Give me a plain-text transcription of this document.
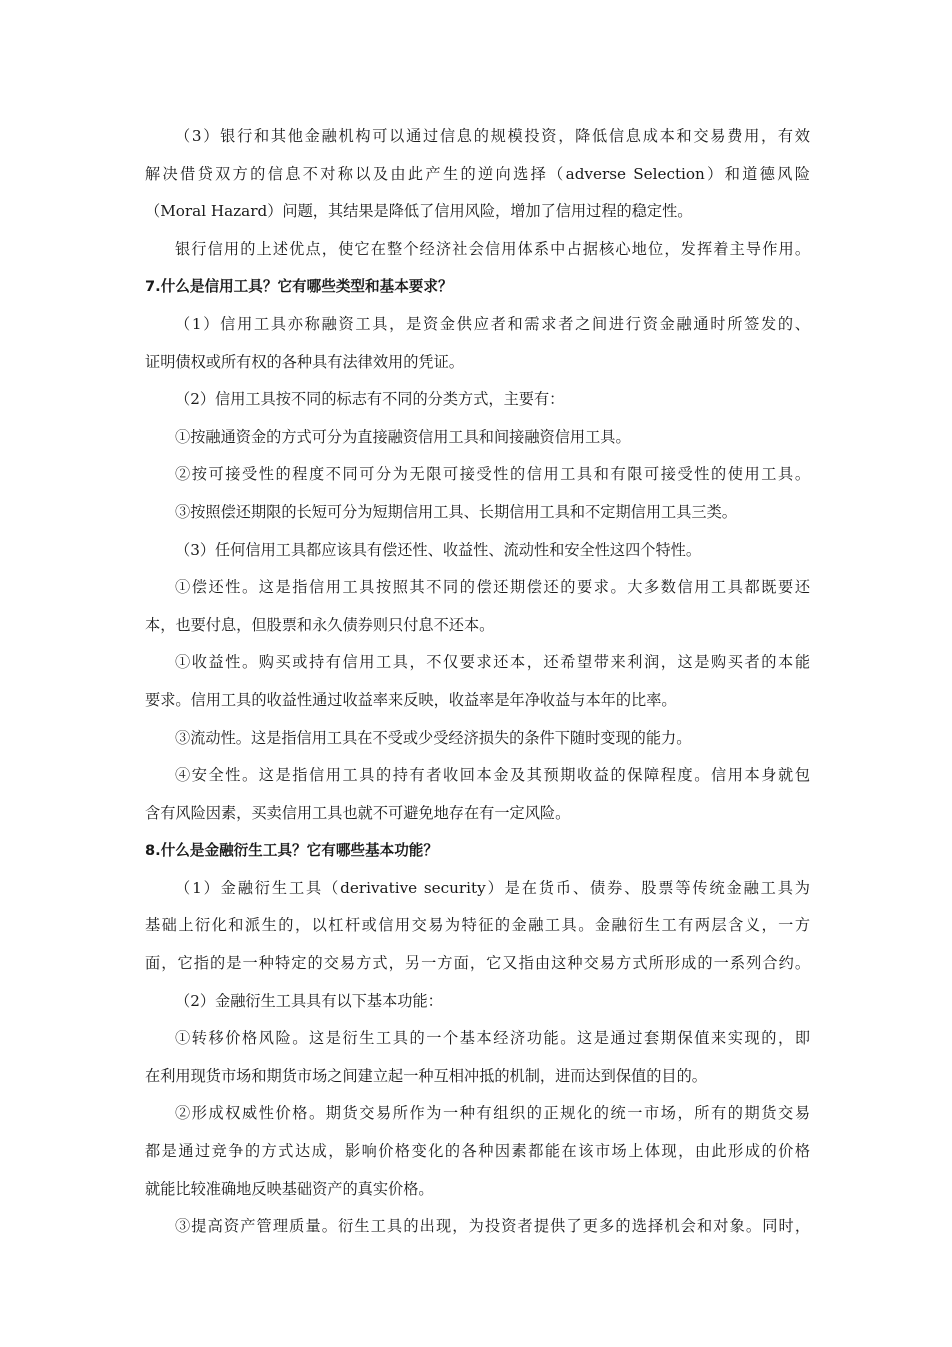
（3）银行和其他金融机构可以通过信息的规模投资，降低信息成本和交易费用，有效
解决借贷双方的信息不对称以及由此产生的逆向选择（adverse Selection）和道德风险
（Moral Hazard）问题，其结果是降低了信用风险，增加了信用过程的稳定性。
银行信用的上述优点，使它在整个经济社会信用体系中占据核心地位，发挥着主导作用。
7.什么是信用工具？它有哪些类型和基本要求？
（1）信用工具亦称融资工具，是资金供应者和需求者之间进行资金融通时所签发的、
证明债权或所有权的各种具有法律效用的凭证。
（2）信用工具按不同的标志有不同的分类方式，主要有：
①按融通资金的方式可分为直接融资信用工具和间接融资信用工具。
②按可接受性的程度不同可分为无限可接受性的信用工具和有限可接受性的使用工具。
③按照偿还期限的长短可分为短期信用工具、长期信用工具和不定期信用工具三类。
（3）任何信用工具都应该具有偿还性、收益性、流动性和安全性这四个特性。
①偿还性。这是指信用工具按照其不同的偿还期偿还的要求。大多数信用工具都既要还
本，也要付息，但股票和永久债券则只付息不还本。
①收益性。购买或持有信用工具，不仅要求还本，还希望带来利润，这是购买者的本能
要求。信用工具的收益性通过收益率来反映，收益率是年净收益与本年的比率。
③流动性。这是指信用工具在不受或少受经济损失的条件下随时变现的能力。
④安全性。这是指信用工具的持有者收回本金及其预期收益的保障程度。信用本身就包
含有风险因素，买卖信用工具也就不可避免地存在有一定风险。
8.什么是金融衍生工具？它有哪些基本功能？
（1）金融衍生工具（derivative security）是在货币、债券、股票等传统金融工具为
基础上衍化和派生的，以杠杆或信用交易为特征的金融工具。金融衍生工有两层含义，一方
面，它指的是一种特定的交易方式，另一方面，它又指由这种交易方式所形成的一系列合约。
（2）金融衍生工具具有以下基本功能：
①转移价格风险。这是衍生工具的一个基本经济功能。这是通过套期保值来实现的，即
在利用现货市场和期货市场之间建立起一种互相冲抵的机制，进而达到保值的目的。
②形成权威性价格。期货交易所作为一种有组织的正规化的统一市场，所有的期货交易
都是通过竞争的方式达成，影响价格变化的各种因素都能在该市场上体现，由此形成的价格
就能比较准确地反映基础资产的真实价格。
③提高资产管理质量。衍生工具的出现，为投资者提供了更多的选择机会和对象。同时，
